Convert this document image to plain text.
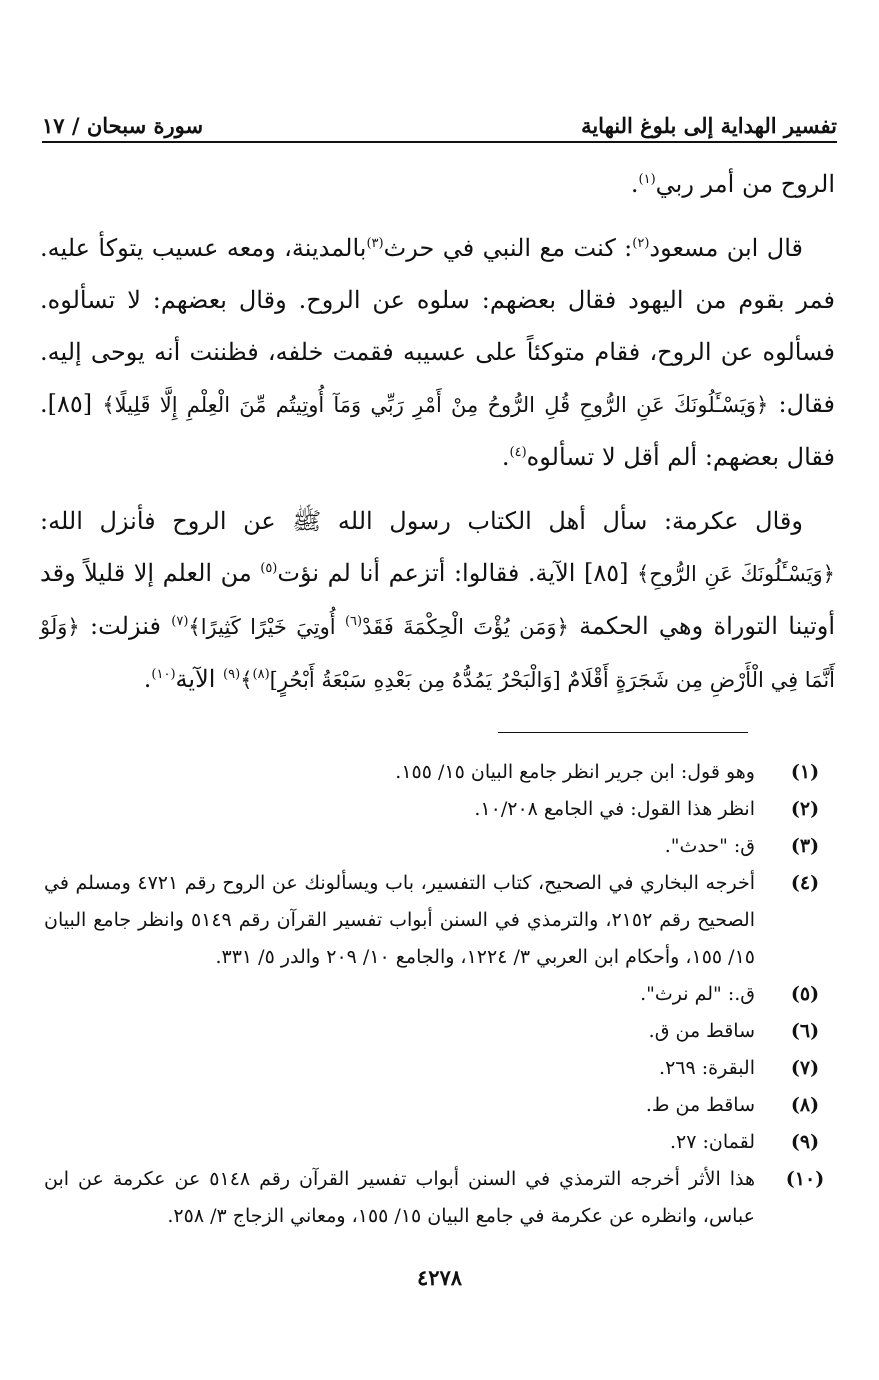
تفسير الهداية إلى بلوغ النهاية
سورة سبحان / ١٧

الروح من أمر ربي$^{(١)}$.

قال ابن مسعود$^{(٢)}$: كنت مع النبي في حرث$^{(٣)}$بالمدينة، ومعه عسيب يتوكأ عليه. فمر بقوم من اليهود فقال بعضهم: سلوه عن الروح. وقال بعضهم: لا تسألوه. فسألوه عن الروح، فقام متوكئاً على عسيبه فقمت خلفه، فظننت أنه يوحى إليه. فقال: ﴿وَيَسْـَٔلُونَكَ عَنِ الرُّوحِ قُلِ الرُّوحُ مِنْ أَمْرِ رَبِّي وَمَآ أُوتِيتُم مِّنَ الْعِلْمِ إِلَّا قَلِيلًا﴾ [٨٥]. فقال بعضهم: ألم أقل لا تسألوه$^{(٤)}$.

وقال عكرمة: سأل أهل الكتاب رسول الله ﷺ عن الروح فأنزل الله: ﴿وَيَسْـَٔلُونَكَ عَنِ الرُّوحِ﴾ [٨٥] الآية. فقالوا: أتزعم أنا لم نؤت$^{(٥)}$ من العلم إلا قليلاً وقد أوتينا التوراة وهي الحكمة ﴿وَمَن يُؤْتَ الْحِكْمَةَ فَقَدْ$^{(٦)}$ أُوتِيَ خَيْرًا كَثِيرًا﴾$^{(٧)}$ فنزلت: ﴿وَلَوْ أَنَّمَا فِي الْأَرْضِ مِن شَجَرَةٍ أَقْلَامٌ [وَالْبَحْرُ يَمُدُّهُ مِن بَعْدِهِ سَبْعَةُ أَبْحُرٍ]$^{(٨)}$﴾$^{(٩)}$ الآية$^{(١٠)}$.

(١)
وهو قول: ابن جرير انظر جامع البيان ١٥/ ١٥٥.
(٢)
انظر هذا القول: في الجامع ١٠/٢٠٨.
(٣)
ق: "حدث".
(٤)
أخرجه البخاري في الصحيح، كتاب التفسير، باب ويسألونك عن الروح رقم ٤٧٢١ ومسلم في الصحيح رقم ٢١٥٢، والترمذي في السنن أبواب تفسير القرآن رقم ٥١٤٩ وانظر جامع البيان ١٥/ ١٥٥، وأحكام ابن العربي ٣/ ١٢٢٤، والجامع ١٠/ ٢٠٩ والدر ٥/ ٣٣١.
(٥)
ق.: "لم نرث".
(٦)
ساقط من ق.
(٧)
البقرة: ٢٦٩.
(٨)
ساقط من ط.
(٩)
لقمان: ٢٧.
(١٠)
هذا الأثر أخرجه الترمذي في السنن أبواب تفسير القرآن رقم ٥١٤٨ عن عكرمة عن ابن عباس، وانظره عن عكرمة في جامع البيان ١٥/ ١٥٥، ومعاني الزجاج ٣/ ٢٥٨.
٤٢٧٨
